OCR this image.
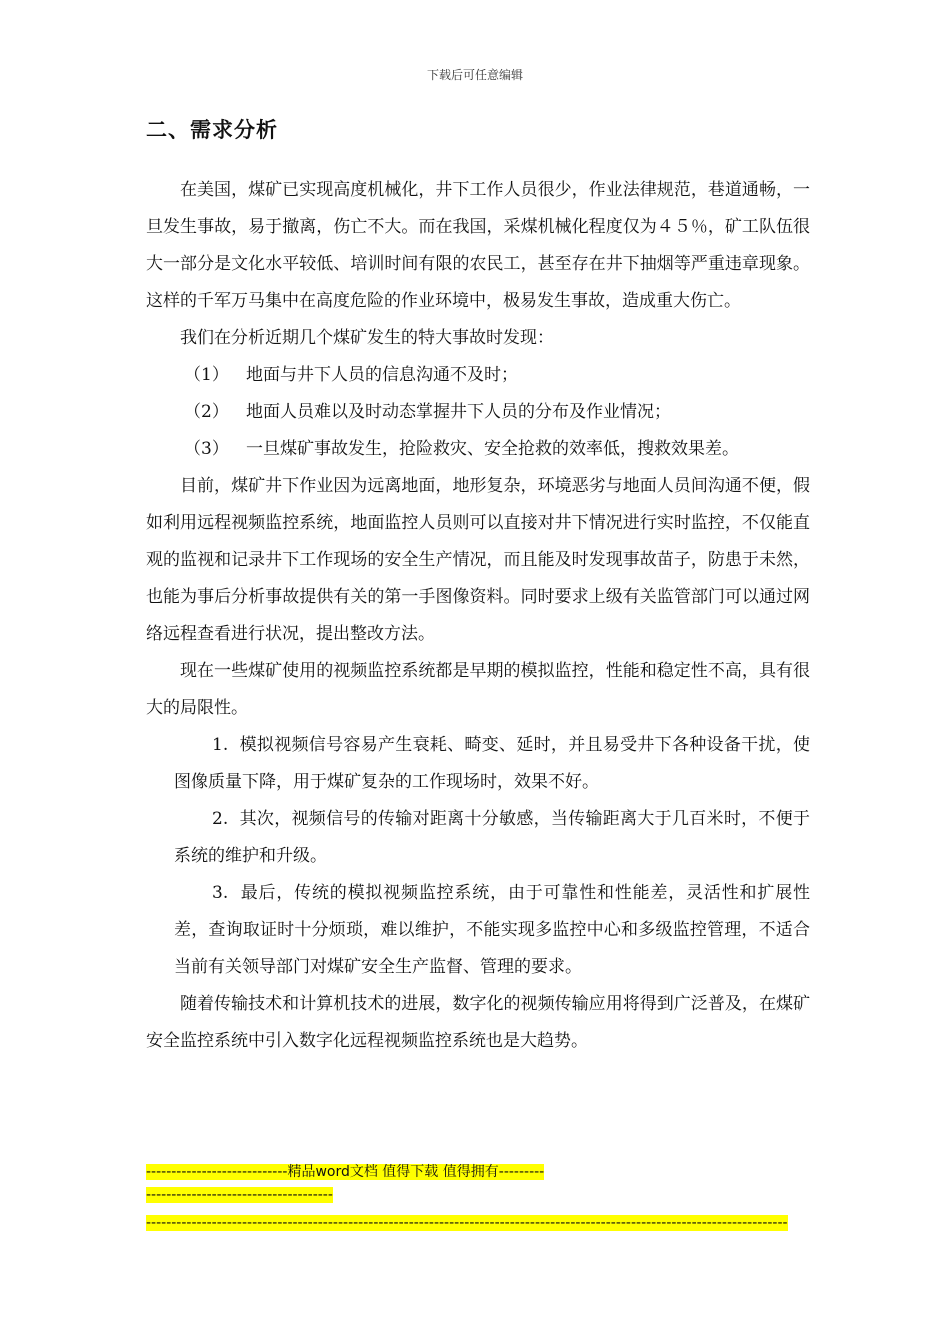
下载后可任意编辑
二、需求分析

在美国，煤矿已实现高度机械化，井下工作人员很少，作业法律规范，巷道通畅，一旦发生事故，易于撤离，伤亡不大。而在我国，采煤机械化程度仅为４５％，矿工队伍很大一部分是文化水平较低、培训时间有限的农民工，甚至存在井下抽烟等严重违章现象。这样的千军万马集中在高度危险的作业环境中，极易发生事故，造成重大伤亡。

我们在分析近期几个煤矿发生的特大事故时发现：

（1） 地面与井下人员的信息沟通不及时；
（2） 地面人员难以及时动态掌握井下人员的分布及作业情况；
（3） 一旦煤矿事故发生，抢险救灾、安全抢救的效率低，搜救效果差。

目前，煤矿井下作业因为远离地面，地形复杂，环境恶劣与地面人员间沟通不便，假如利用远程视频监控系统，地面监控人员则可以直接对井下情况进行实时监控，不仅能直观的监视和记录井下工作现场的安全生产情况，而且能及时发现事故苗子，防患于未然，也能为事后分析事故提供有关的第一手图像资料。同时要求上级有关监管部门可以通过网络远程查看进行状况，提出整改方法。

现在一些煤矿使用的视频监控系统都是早期的模拟监控，性能和稳定性不高，具有很大的局限性。

1. 模拟视频信号容易产生衰耗、畸变、延时，并且易受井下各种设备干扰，使图像质量下降，用于煤矿复杂的工作现场时，效果不好。

2. 其次，视频信号的传输对距离十分敏感，当传输距离大于几百米时，不便于系统的维护和升级。

3. 最后，传统的模拟视频监控系统，由于可靠性和性能差，灵活性和扩展性差，查询取证时十分烦琐，难以维护，不能实现多监控中心和多级监控管理，不适合当前有关领导部门对煤矿安全生产监督、管理的要求。

随着传输技术和计算机技术的进展，数字化的视频传输应用将得到广泛普及，在煤矿安全监控系统中引入数字化远程视频监控系统也是大趋势。

----------------------------精品word文档 值得下载 值得拥有----------------------------------------------
-------------------------------------------------------------------------------------------------------------------------------
